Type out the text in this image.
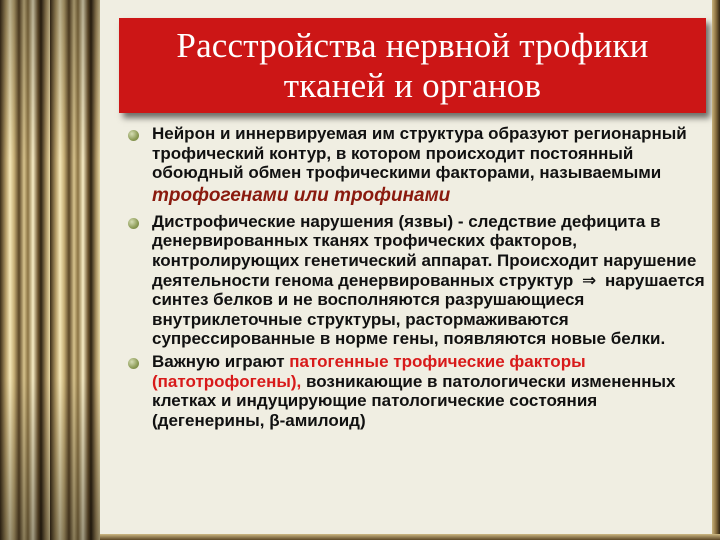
Расстройства нервной трофики
тканей и органов
Нейрон и иннервируемая им структура образуют регионарный трофический контур, в котором происходит постоянный обоюдный обмен трофическими факторами, называемыми
трофогенами или трофинами
Дистрофические нарушения (язвы) - следствие дефицита в денервированных тканях трофических факторов, контролирующих генетический аппарат. Происходит нарушение деятельности генома денервированных структур ⇒ нарушается синтез белков и не восполняются разрушающиеся внутриклеточные структуры, растормаживаются супрессированные в норме гены, появляются новые белки.
Важную играют патогенные трофические факторы (патотрофогены), возникающие в патологически измененных клетках и индуцирующие патологические состояния (дегенерины, β-амилоид)
